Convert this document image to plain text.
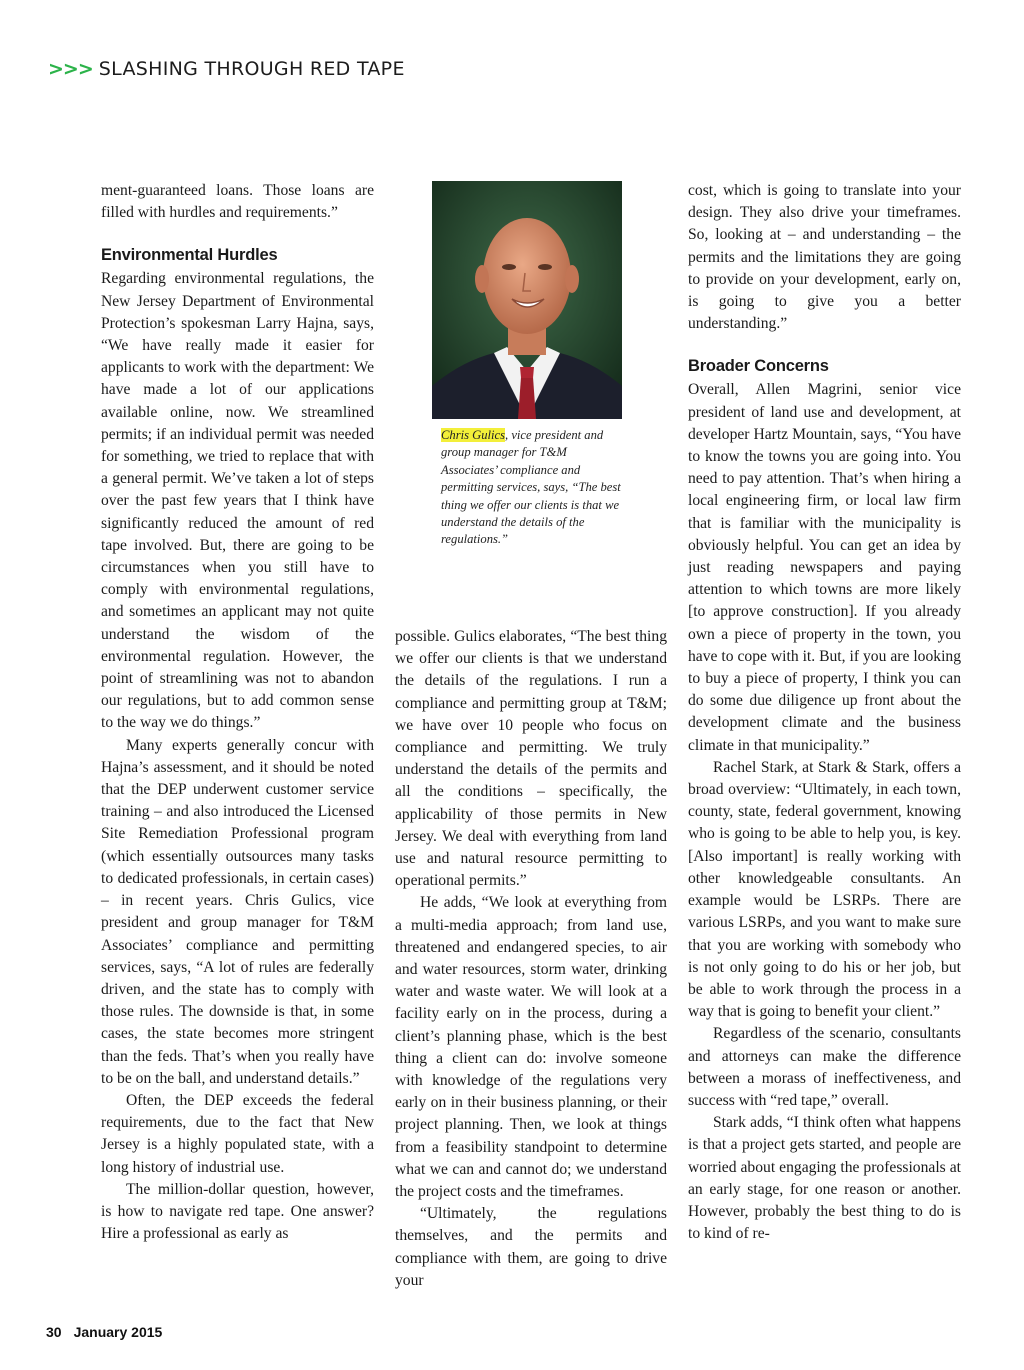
>>> SLASHING THROUGH RED TAPE

ment-guaranteed loans. Those loans are filled with hurdles and requirements.”

Environmental Hurdles

Regarding environmental regulations, the New Jersey Department of Environmental Protection’s spokesman Larry Hajna, says, “We have really made it easier for applicants to work with the department: We have made a lot of our applications available online, now. We streamlined permits; if an individual permit was needed for something, we tried to replace that with a general permit. We’ve taken a lot of steps over the past few years that I think have significantly reduced the amount of red tape involved. But, there are going to be circumstances when you still have to comply with environmental regulations, and sometimes an applicant may not quite understand the wisdom of the environmental regulation. However, the point of streamlining was not to abandon our regulations, but to add common sense to the way we do things.”

Many experts generally concur with Hajna’s assessment, and it should be noted that the DEP underwent customer service training – and also introduced the Licensed Site Remediation Professional program (which essentially outsources many tasks to dedicated professionals, in certain cases) – in recent years. Chris Gulics, vice president and group manager for T&M Associates’ compliance and permitting services, says, “A lot of rules are federally driven, and the state has to comply with those rules. The downside is that, in some cases, the state becomes more stringent than the feds. That’s when you really have to be on the ball, and understand details.”

Often, the DEP exceeds the federal requirements, due to the fact that New Jersey is a highly populated state, with a long history of industrial use.

The million-dollar question, however, is how to navigate red tape. One answer? Hire a professional as early as

Chris Gulics, vice president and group manager for T&M Associates’ compliance and permitting services, says, “The best thing we offer our clients is that we understand the details of the regulations.”

possible. Gulics elaborates, “The best thing we offer our clients is that we understand the details of the regulations. I run a compliance and permitting group at T&M; we have over 10 people who focus on compliance and permitting. We truly understand the details of the permits and all the conditions – specifically, the applicability of those permits in New Jersey. We deal with everything from land use and natural resource permitting to operational permits.”

He adds, “We look at everything from a multi-media approach; from land use, threatened and endangered species, to air and water resources, storm water, drinking water and waste water. We will look at a facility early on in the process, during a client’s planning phase, which is the best thing a client can do: involve someone with knowledge of the regulations very early on in their business planning, or their project planning. Then, we look at things from a feasibility standpoint to determine what we can and cannot do; we understand the project costs and the timeframes.

“Ultimately, the regulations themselves, and the permits and compliance with them, are going to drive your

cost, which is going to translate into your design. They also drive your timeframes. So, looking at – and understanding – the permits and the limitations they are going to provide on your development, early on, is going to give you a better understanding.”

Broader Concerns

Overall, Allen Magrini, senior vice president of land use and development, at developer Hartz Mountain, says, “You have to know the towns you are going into. You need to pay attention. That’s when hiring a local engineering firm, or local law firm that is familiar with the municipality is obviously helpful. You can get an idea by just reading newspapers and paying attention to which towns are more likely [to approve construction]. If you already own a piece of property in the town, you have to cope with it. But, if you are looking to buy a piece of property, I think you can do some due diligence up front about the development climate and the business climate in that municipality.”

Rachel Stark, at Stark & Stark, offers a broad overview: “Ultimately, in each town, county, state, federal government, knowing who is going to be able to help you, is key. [Also important] is really working with other knowledgeable consultants. An example would be LSRPs. There are various LSRPs, and you want to make sure that you are working with somebody who is not only going to do his or her job, but be able to work through the process in a way that is going to benefit your client.”

Regardless of the scenario, consultants and attorneys can make the difference between a morass of ineffectiveness, and success with “red tape,” overall.

Stark adds, “I think often what happens is that a project gets started, and people are worried about engaging the professionals at an early stage, for one reason or another. However, probably the best thing to do is to kind of re-

30 January 2015
